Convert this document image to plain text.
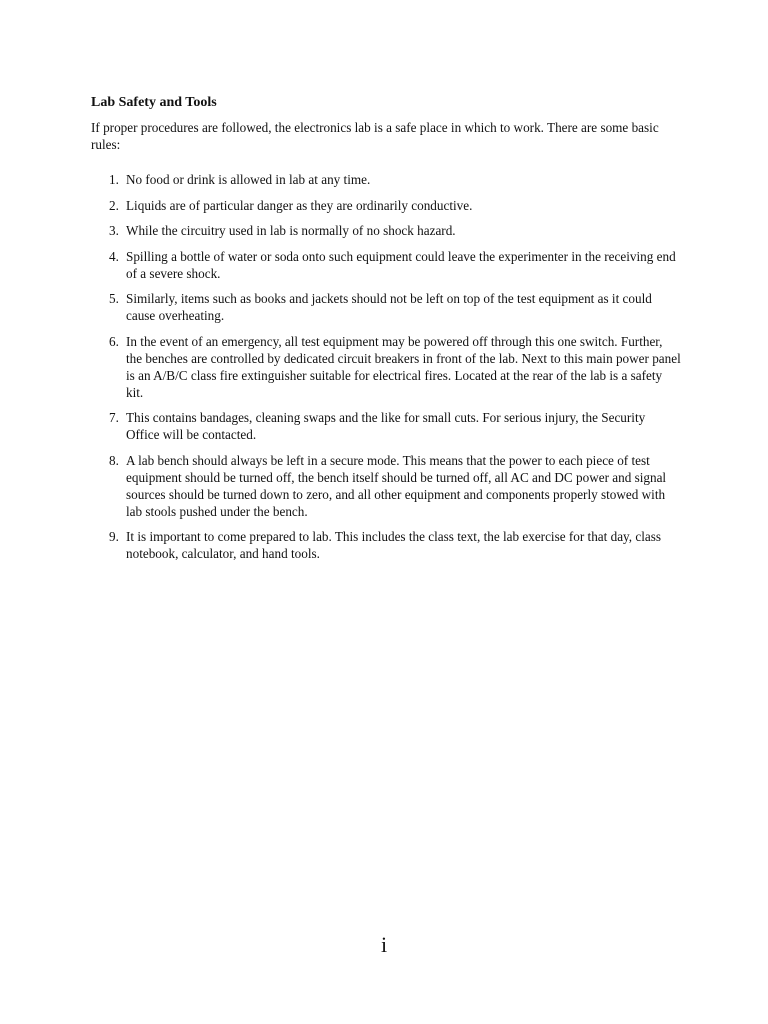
Lab Safety and Tools

If proper procedures are followed, the electronics lab is a safe place in which to work. There are some basic rules:

1. No food or drink is allowed in lab at any time.
2. Liquids are of particular danger as they are ordinarily conductive.
3. While the circuitry used in lab is normally of no shock hazard.
4. Spilling a bottle of water or soda onto such equipment could leave the experimenter in the receiving end of a severe shock.
5. Similarly, items such as books and jackets should not be left on top of the test equipment as it could cause overheating.
6. In the event of an emergency, all test equipment may be powered off through this one switch. Further, the benches are controlled by dedicated circuit breakers in front of the lab. Next to this main power panel is an A/B/C class fire extinguisher suitable for electrical fires. Located at the rear of the lab is a safety kit.
7. This contains bandages, cleaning swaps and the like for small cuts. For serious injury, the Security Office will be contacted.
8. A lab bench should always be left in a secure mode. This means that the power to each piece of test equipment should be turned off, the bench itself should be turned off, all AC and DC power and signal sources should be turned down to zero, and all other equipment and components properly stowed with lab stools pushed under the bench.
9. It is important to come prepared to lab. This includes the class text, the lab exercise for that day, class notebook, calculator, and hand tools.
i
